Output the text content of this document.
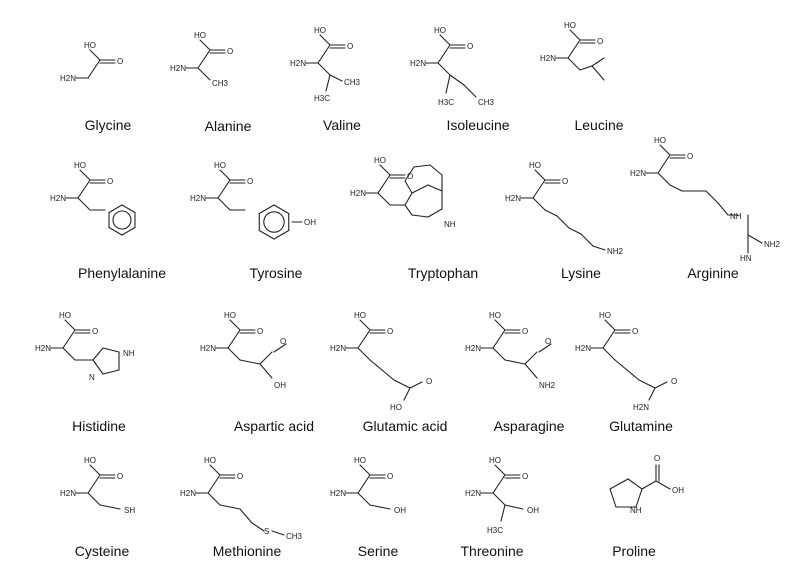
HO
O
H2N
Glycine
HO
O
H2N
CH3
Alanine
HO
O
H2N
CH3
H3C
Valine
HO
O
H2N
H3C	CH3
Isoleucine
HO
O
H2N
Leucine
HO
O
H2N
Phenylalanine
HO
O
H2N
OH
Tyrosine
HO
O
H2N
NH
Tryptophan
HO
O
H2N
NH2
Lysine
HO
O
H2N
NH
NH2
HN
Arginine
HO
O
H2N
NH
N
Histidine
HO
O
H2N
O
OH
Aspartic acid
HO
O
H2N
O
HO
Glutamic acid
HO
O
H2N
O
NH2
Asparagine
HO
O
H2N
O
H2N
Glutamine
HO
O
H2N
SH
Cysteine
HO
O
H2N
S
CH3
Methionine
HO
O
H2N
OH
Serine
HO
O
H2N
OH
H3C
Threonine
O
OH
NH
Proline
